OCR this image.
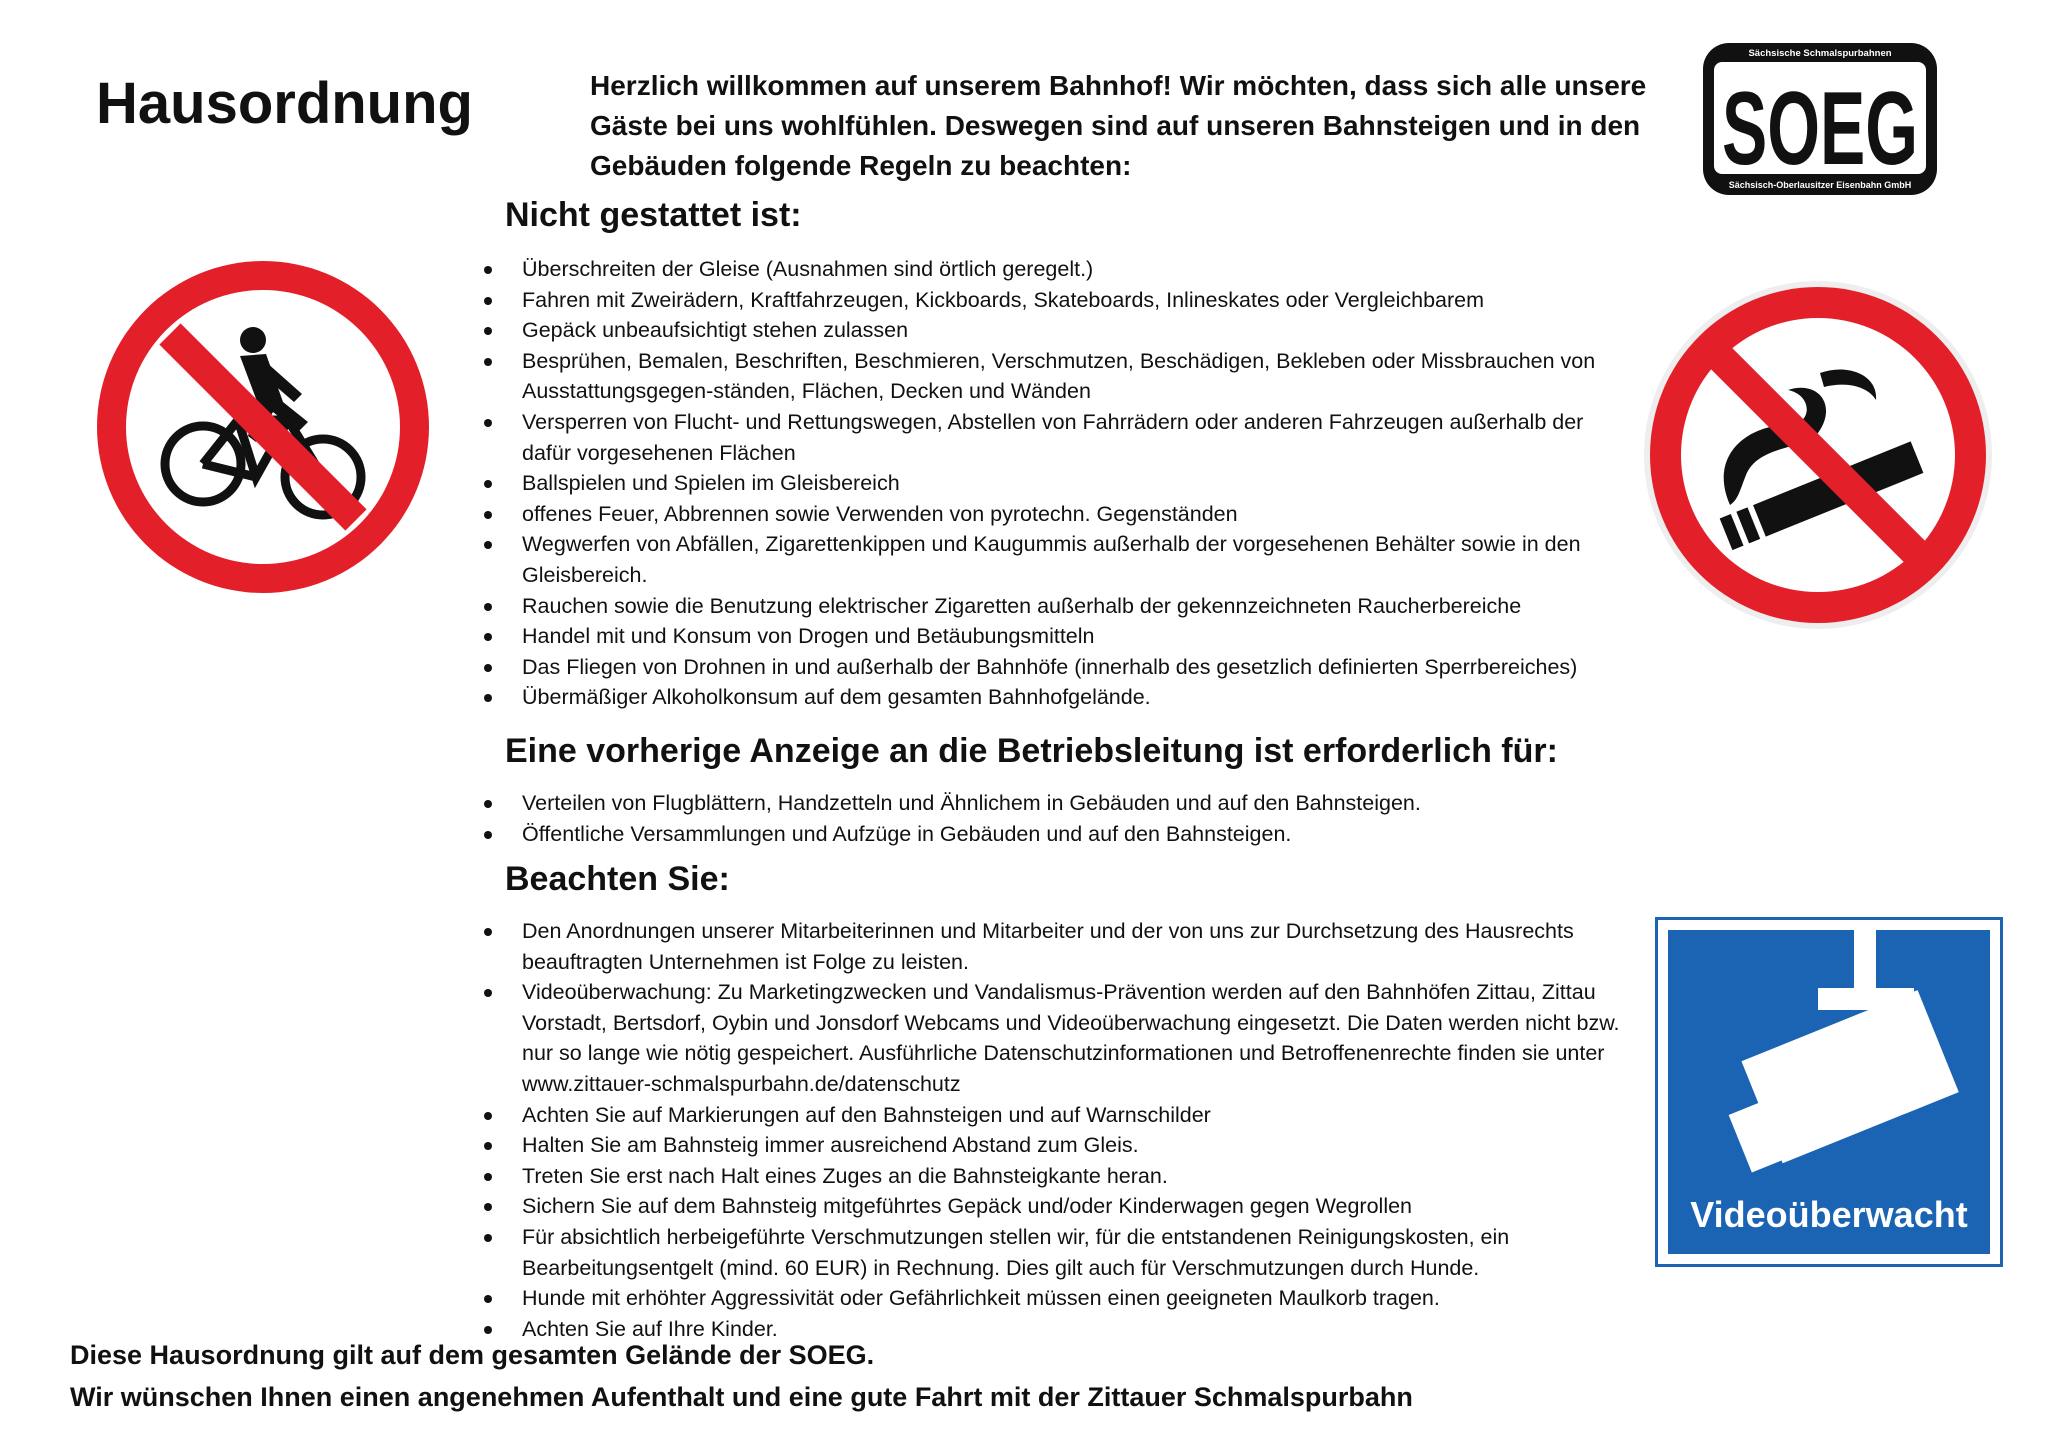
Hausordnung	Herzlich willkommen auf unserem Bahnhof! Wir möchten, dass sich alle unsere Gäste bei uns wohlfühlen. Deswegen sind auf unseren Bahnsteigen und in den Gebäuden folgende Regeln zu beachten:

Sächsische Schmalspurbahnen
SOEG
Sächsisch-Oberlausitzer Eisenbahn GmbH
Nicht gestattet ist:
Überschreiten der Gleise (Ausnahmen sind örtlich geregelt.)
Fahren mit Zweirädern, Kraftfahrzeugen, Kickboards, Skateboards, Inlineskates oder Vergleichbarem
Gepäck unbeaufsichtigt stehen zulassen
Besprühen, Bemalen, Beschriften, Beschmieren, Verschmutzen, Beschädigen, Bekleben oder Missbrauchen von Ausstattungsgegen-ständen, Flächen, Decken und Wänden
Versperren von Flucht- und Rettungswegen, Abstellen von Fahrrädern oder anderen Fahrzeugen außerhalb der dafür vorgesehenen Flächen
Ballspielen und Spielen im Gleisbereich
offenes Feuer, Abbrennen sowie Verwenden von pyrotechn. Gegenständen
Wegwerfen von Abfällen, Zigarettenkippen und Kaugummis außerhalb der vorgesehenen Behälter sowie in den Gleisbereich.
Rauchen sowie die Benutzung elektrischer Zigaretten außerhalb der gekennzeichneten Raucherbereiche
Handel mit und Konsum von Drogen und Betäubungsmitteln
Das Fliegen von Drohnen in und außerhalb der Bahnhöfe (innerhalb des gesetzlich definierten Sperrbereiches)
Übermäßiger Alkoholkonsum auf dem gesamten Bahnhofgelände.
Eine vorherige Anzeige an die Betriebsleitung ist erforderlich für:
Verteilen von Flugblättern, Handzetteln und Ähnlichem in Gebäuden und auf den Bahnsteigen.
Öffentliche Versammlungen und Aufzüge in Gebäuden und auf den Bahnsteigen.
Beachten Sie:
Den Anordnungen unserer Mitarbeiterinnen und Mitarbeiter und der von uns zur Durchsetzung des Hausrechts beauftragten Unternehmen ist Folge zu leisten.
Videoüberwachung: Zu Marketingzwecken und Vandalismus-Prävention werden auf den Bahnhöfen Zittau, Zittau Vorstadt, Bertsdorf, Oybin und Jonsdorf Webcams und Videoüberwachung eingesetzt. Die Daten werden nicht bzw. nur so lange wie nötig gespeichert. Ausführliche Datenschutzinformationen und Betroffenenrechte finden sie unter www.zittauer-schmalspurbahn.de/datenschutz
Achten Sie auf Markierungen auf den Bahnsteigen und auf Warnschilder
Halten Sie am Bahnsteig immer ausreichend Abstand zum Gleis.
Treten Sie erst nach Halt eines Zuges an die Bahnsteigkante heran.
Sichern Sie auf dem Bahnsteig mitgeführtes Gepäck und/oder Kinderwagen gegen Wegrollen
Für absichtlich herbeigeführte Verschmutzungen stellen wir, für die entstandenen Reinigungskosten, ein Bearbeitungsentgelt (mind. 60 EUR) in Rechnung. Dies gilt auch für Verschmutzungen durch Hunde.
Hunde mit erhöhter Aggressivität oder Gefährlichkeit müssen einen geeigneten Maulkorb tragen.
Achten Sie auf Ihre Kinder.
Videoüberwacht

Diese Hausordnung gilt auf dem gesamten Gelände der SOEG.

Wir wünschen Ihnen einen angenehmen Aufenthalt und eine gute Fahrt mit der Zittauer Schmalspurbahn
